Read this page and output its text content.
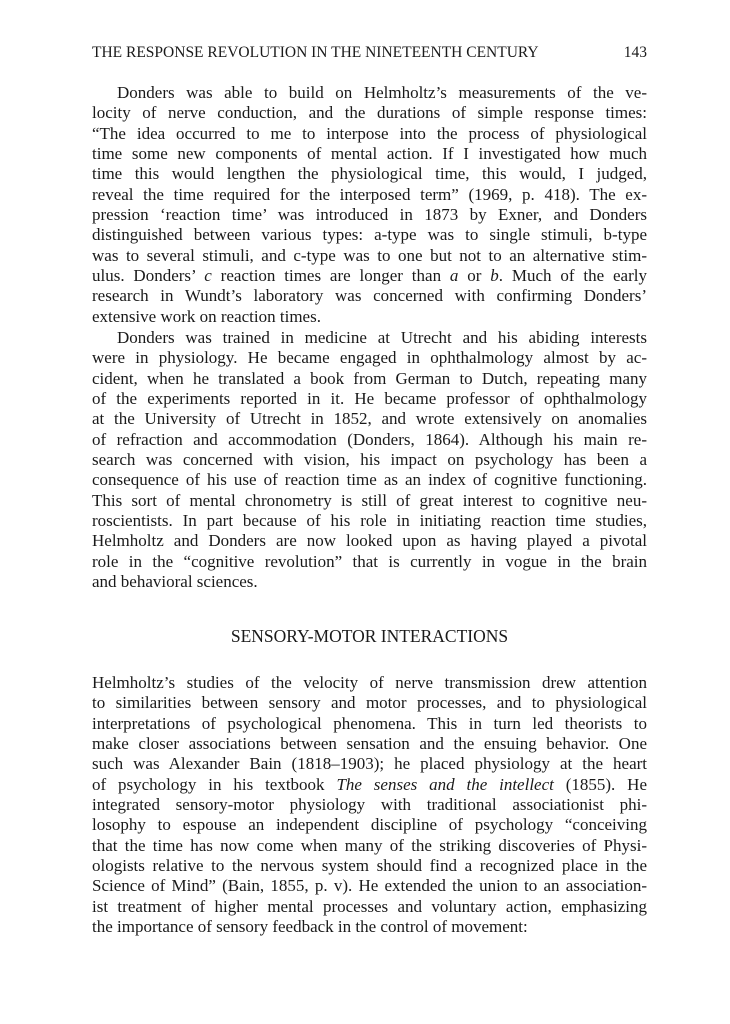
THE RESPONSE REVOLUTION IN THE NINETEENTH CENTURY	143
Donders was able to build on Helmholtz’s measurements of the ve-
locity of nerve conduction, and the durations of simple response times:
“The idea occurred to me to interpose into the process of physiological
time some new components of mental action. If I investigated how much
time this would lengthen the physiological time, this would, I judged,
reveal the time required for the interposed term” (1969, p. 418). The ex-
pression ‘reaction time’ was introduced in 1873 by Exner, and Donders
distinguished between various types: a-type was to single stimuli, b-type
was to several stimuli, and c-type was to one but not to an alternative stim-
ulus. Donders’ c reaction times are longer than a or b. Much of the early
research in Wundt’s laboratory was concerned with confirming Donders’
extensive work on reaction times.
Donders was trained in medicine at Utrecht and his abiding interests
were in physiology. He became engaged in ophthalmology almost by ac-
cident, when he translated a book from German to Dutch, repeating many
of the experiments reported in it. He became professor of ophthalmology
at the University of Utrecht in 1852, and wrote extensively on anomalies
of refraction and accommodation (Donders, 1864). Although his main re-
search was concerned with vision, his impact on psychology has been a
consequence of his use of reaction time as an index of cognitive functioning.
This sort of mental chronometry is still of great interest to cognitive neu-
roscientists. In part because of his role in initiating reaction time studies,
Helmholtz and Donders are now looked upon as having played a pivotal
role in the “cognitive revolution” that is currently in vogue in the brain
and behavioral sciences.
SENSORY-MOTOR INTERACTIONS
Helmholtz’s studies of the velocity of nerve transmission drew attention
to similarities between sensory and motor processes, and to physiological
interpretations of psychological phenomena. This in turn led theorists to
make closer associations between sensation and the ensuing behavior. One
such was Alexander Bain (1818–1903); he placed physiology at the heart
of psychology in his textbook The senses and the intellect (1855). He
integrated sensory-motor physiology with traditional associationist phi-
losophy to espouse an independent discipline of psychology “conceiving
that the time has now come when many of the striking discoveries of Physi-
ologists relative to the nervous system should find a recognized place in the
Science of Mind” (Bain, 1855, p. v). He extended the union to an association-
ist treatment of higher mental processes and voluntary action, emphasizing
the importance of sensory feedback in the control of movement:
